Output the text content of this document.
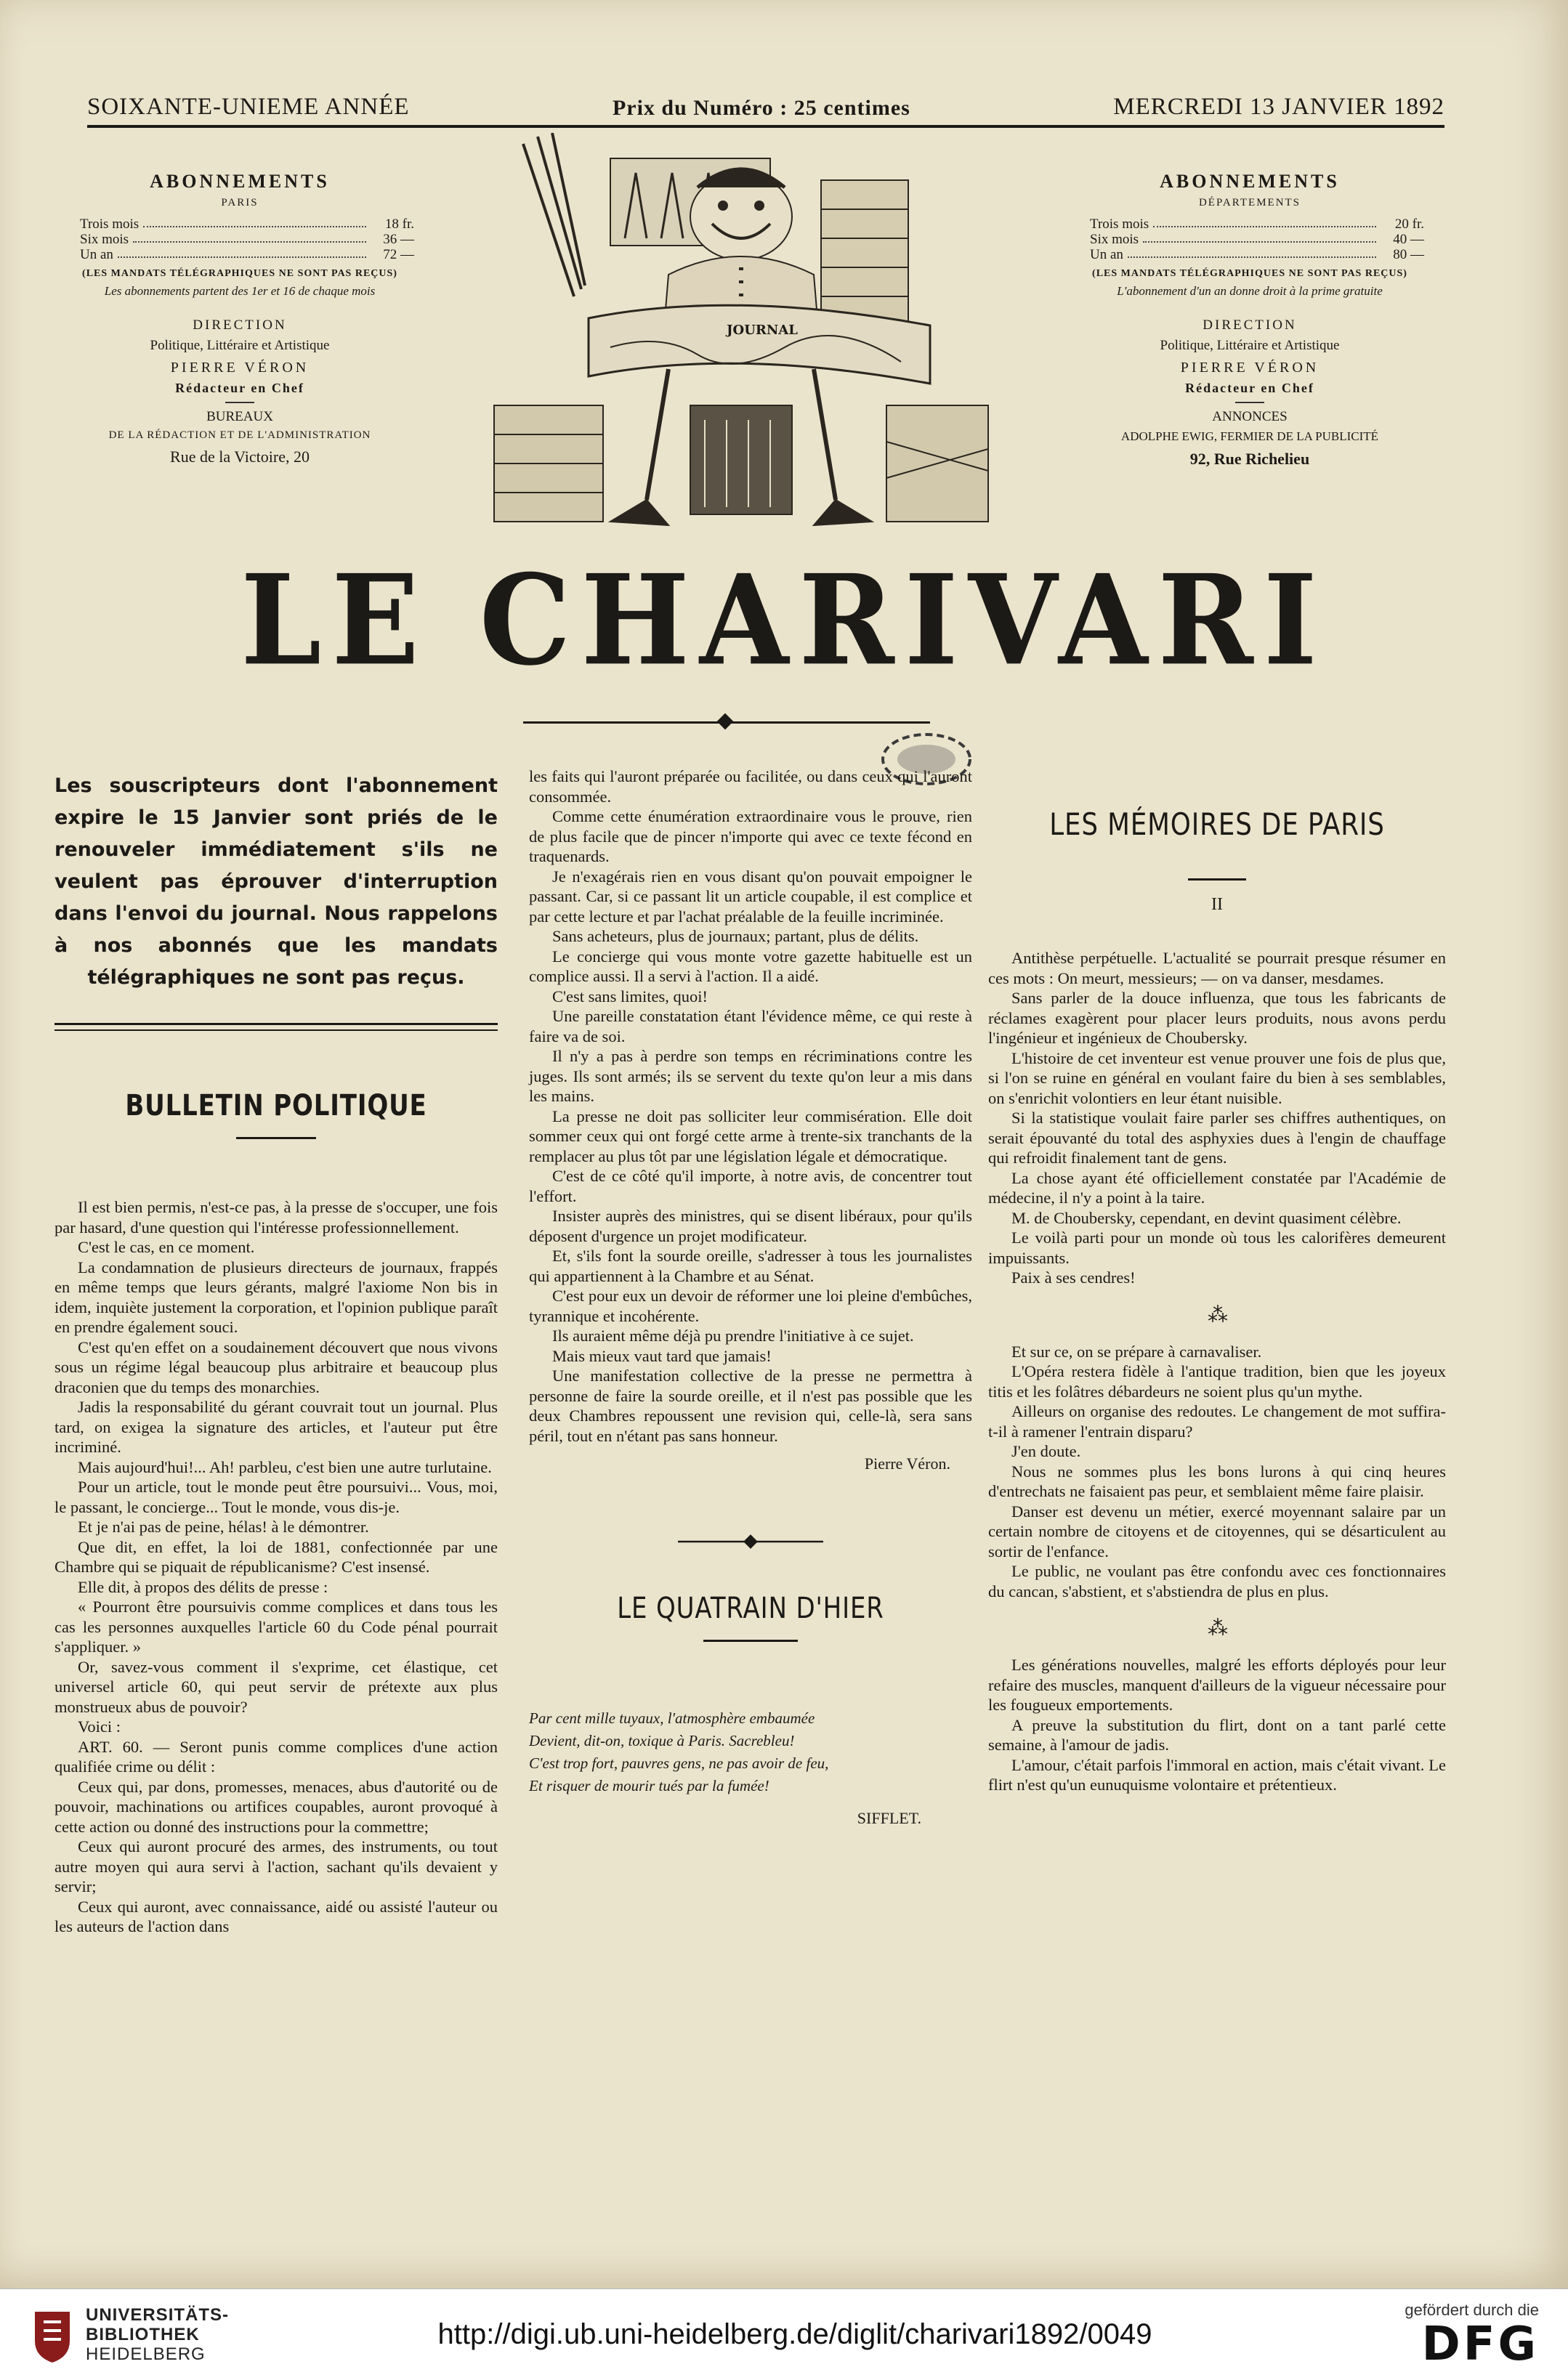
SOIXANTE-UNIEME ANNÉE	Prix du Numéro : 25 centimes	MERCREDI 13 JANVIER 1892
ABONNEMENTS
PARIS
Trois mois	18 fr.
Six mois	36 —
Un an	72 —
(LES MANDATS TÉLÉGRAPHIQUES NE SONT PAS REÇUS)
Les abonnements partent des 1er et 16 de chaque mois
DIRECTION
Politique, Littéraire et Artistique
PIERRE VÉRON
Rédacteur en Chef
BUREAUX
DE LA RÉDACTION ET DE L'ADMINISTRATION
Rue de la Victoire, 20
JOURNAL
ABONNEMENTS
DÉPARTEMENTS
Trois mois	20 fr.
Six mois	40 —
Un an	80 —
(LES MANDATS TÉLÉGRAPHIQUES NE SONT PAS REÇUS)
L'abonnement d'un an donne droit à la prime gratuite
DIRECTION
Politique, Littéraire et Artistique
PIERRE VÉRON
Rédacteur en Chef
ANNONCES
ADOLPHE EWIG, FERMIER DE LA PUBLICITÉ
92, Rue Richelieu
LE CHARIVARI
Les souscripteurs dont l'abonnement expire le 15 Janvier sont priés de le renouveler immédiatement s'ils ne veulent pas éprouver d'interruption dans l'envoi du journal. Nous rappelons à nos abonnés que les mandats télégraphiques ne sont pas reçus.
BULLETIN POLITIQUE

Il est bien permis, n'est-ce pas, à la presse de s'occuper, une fois par hasard, d'une question qui l'intéresse professionnellement.

C'est le cas, en ce moment.

La condamnation de plusieurs directeurs de journaux, frappés en même temps que leurs gérants, malgré l'axiome Non bis in idem, inquiète justement la corporation, et l'opinion publique paraît en prendre également souci.

C'est qu'en effet on a soudainement découvert que nous vivons sous un régime légal beaucoup plus arbitraire et beaucoup plus draconien que du temps des monarchies.

Jadis la responsabilité du gérant couvrait tout un journal. Plus tard, on exigea la signature des articles, et l'auteur put être incriminé.

Mais aujourd'hui!... Ah! parbleu, c'est bien une autre turlutaine.

Pour un article, tout le monde peut être poursuivi... Vous, moi, le passant, le concierge... Tout le monde, vous dis-je.

Et je n'ai pas de peine, hélas! à le démontrer.

Que dit, en effet, la loi de 1881, confectionnée par une Chambre qui se piquait de républicanisme? C'est insensé.

Elle dit, à propos des délits de presse :

« Pourront être poursuivis comme complices et dans tous les cas les personnes auxquelles l'article 60 du Code pénal pourrait s'appliquer. »

Or, savez-vous comment il s'exprime, cet élastique, cet universel article 60, qui peut servir de prétexte aux plus monstrueux abus de pouvoir?

Voici :

ART. 60. — Seront punis comme complices d'une action qualifiée crime ou délit :

Ceux qui, par dons, promesses, menaces, abus d'autorité ou de pouvoir, machinations ou artifices coupables, auront provoqué à cette action ou donné des instructions pour la commettre;

Ceux qui auront procuré des armes, des instruments, ou tout autre moyen qui aura servi à l'action, sachant qu'ils devaient y servir;

Ceux qui auront, avec connaissance, aidé ou assisté l'auteur ou les auteurs de l'action dans

les faits qui l'auront préparée ou facilitée, ou dans ceux qui l'auront consommée.

Comme cette énumération extraordinaire vous le prouve, rien de plus facile que de pincer n'importe qui avec ce texte fécond en traquenards.

Je n'exagérais rien en vous disant qu'on pouvait empoigner le passant. Car, si ce passant lit un article coupable, il est complice et par cette lecture et par l'achat préalable de la feuille incriminée.

Sans acheteurs, plus de journaux; partant, plus de délits.

Le concierge qui vous monte votre gazette habituelle est un complice aussi. Il a servi à l'action. Il a aidé.

C'est sans limites, quoi!

Une pareille constatation étant l'évidence même, ce qui reste à faire va de soi.

Il n'y a pas à perdre son temps en récriminations contre les juges. Ils sont armés; ils se servent du texte qu'on leur a mis dans les mains.

La presse ne doit pas solliciter leur commisération. Elle doit sommer ceux qui ont forgé cette arme à trente-six tranchants de la remplacer au plus tôt par une législation légale et démocratique.

C'est de ce côté qu'il importe, à notre avis, de concentrer tout l'effort.

Insister auprès des ministres, qui se disent libéraux, pour qu'ils déposent d'urgence un projet modificateur.

Et, s'ils font la sourde oreille, s'adresser à tous les journalistes qui appartiennent à la Chambre et au Sénat.

C'est pour eux un devoir de réformer une loi pleine d'embûches, tyrannique et incohérente.

Ils auraient même déjà pu prendre l'initiative à ce sujet.

Mais mieux vaut tard que jamais!

Une manifestation collective de la presse ne permettra à personne de faire la sourde oreille, et il n'est pas possible que les deux Chambres repoussent une revision qui, celle-là, sera sans péril, tout en n'étant pas sans honneur.

Pierre Véron.
LE QUATRAIN D'HIER

Par cent mille tuyaux, l'atmosphère embaumée

Devient, dit-on, toxique à Paris. Sacrebleu!

C'est trop fort, pauvres gens, ne pas avoir de feu,

Et risquer de mourir tués par la fumée!

SIFFLET.
LES MÉMOIRES DE PARIS
II

Antithèse perpétuelle. L'actualité se pourrait presque résumer en ces mots : On meurt, messieurs; — on va danser, mesdames.

Sans parler de la douce influenza, que tous les fabricants de réclames exagèrent pour placer leurs produits, nous avons perdu l'ingénieur et ingénieux de Choubersky.

L'histoire de cet inventeur est venue prouver une fois de plus que, si l'on se ruine en général en voulant faire du bien à ses semblables, on s'enrichit volontiers en leur étant nuisible.

Si la statistique voulait faire parler ses chiffres authentiques, on serait épouvanté du total des asphyxies dues à l'engin de chauffage qui refroidit finalement tant de gens.

La chose ayant été officiellement constatée par l'Académie de médecine, il n'y a point à la taire.

M. de Choubersky, cependant, en devint quasiment célèbre.

Le voilà parti pour un monde où tous les calorifères demeurent impuissants.

Paix à ses cendres!

⁂

Et sur ce, on se prépare à carnavaliser.

L'Opéra restera fidèle à l'antique tradition, bien que les joyeux titis et les folâtres débardeurs ne soient plus qu'un mythe.

Ailleurs on organise des redoutes. Le changement de mot suffira-t-il à ramener l'entrain disparu?

J'en doute.

Nous ne sommes plus les bons lurons à qui cinq heures d'entrechats ne faisaient pas peur, et semblaient même faire plaisir.

Danser est devenu un métier, exercé moyennant salaire par un certain nombre de citoyens et de citoyennes, qui se désarticulent au sortir de l'enfance.

Le public, ne voulant pas être confondu avec ces fonctionnaires du cancan, s'abstient, et s'abstiendra de plus en plus.

⁂

Les générations nouvelles, malgré les efforts déployés pour leur refaire des muscles, manquent d'ailleurs de la vigueur nécessaire pour les fougueux emportements.

A preuve la substitution du flirt, dont on a tant parlé cette semaine, à l'amour de jadis.

L'amour, c'était parfois l'immoral en action, mais c'était vivant. Le flirt n'est qu'un eunuquisme volontaire et prétentieux.

UNIVERSITÄTS-
BIBLIOTHEK
HEIDELBERG
http://digi.ub.uni-heidelberg.de/diglit/charivari1892/0049
gefördert durch die
DFG
